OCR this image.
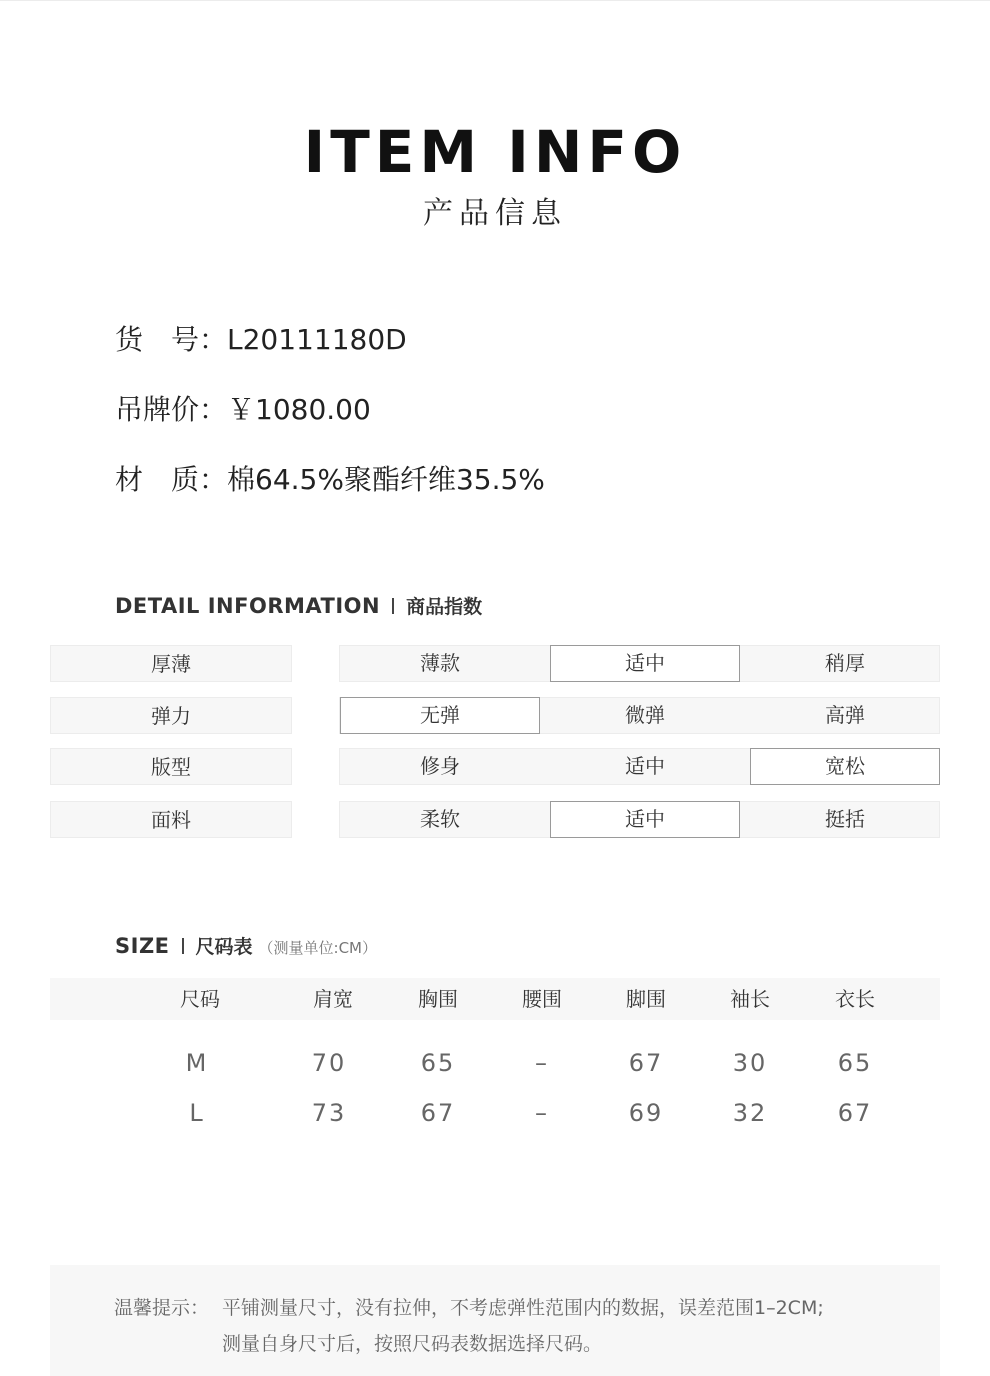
ITEM INFO
产品信息
货　号：L20111180D
吊牌价：￥1080.00
材　质：棉64.5%聚酯纤维35.5%
DETAIL INFORMATION 商品指数
厚薄	薄款	适中	稍厚
弹力	无弹	微弹	高弹
版型	修身	适中	宽松
面料	柔软	适中	挺括
SIZE 尺码表 （测量单位:CM）
尺码	肩宽	胸围	腰围	脚围	袖长	衣长
M	70	65	–	67	30	65
L	73	67	–	69	32	67
温馨提示： 平铺测量尺寸，没有拉伸，不考虑弹性范围内的数据，误差范围1–2CM;
测量自身尺寸后，按照尺码表数据选择尺码。
